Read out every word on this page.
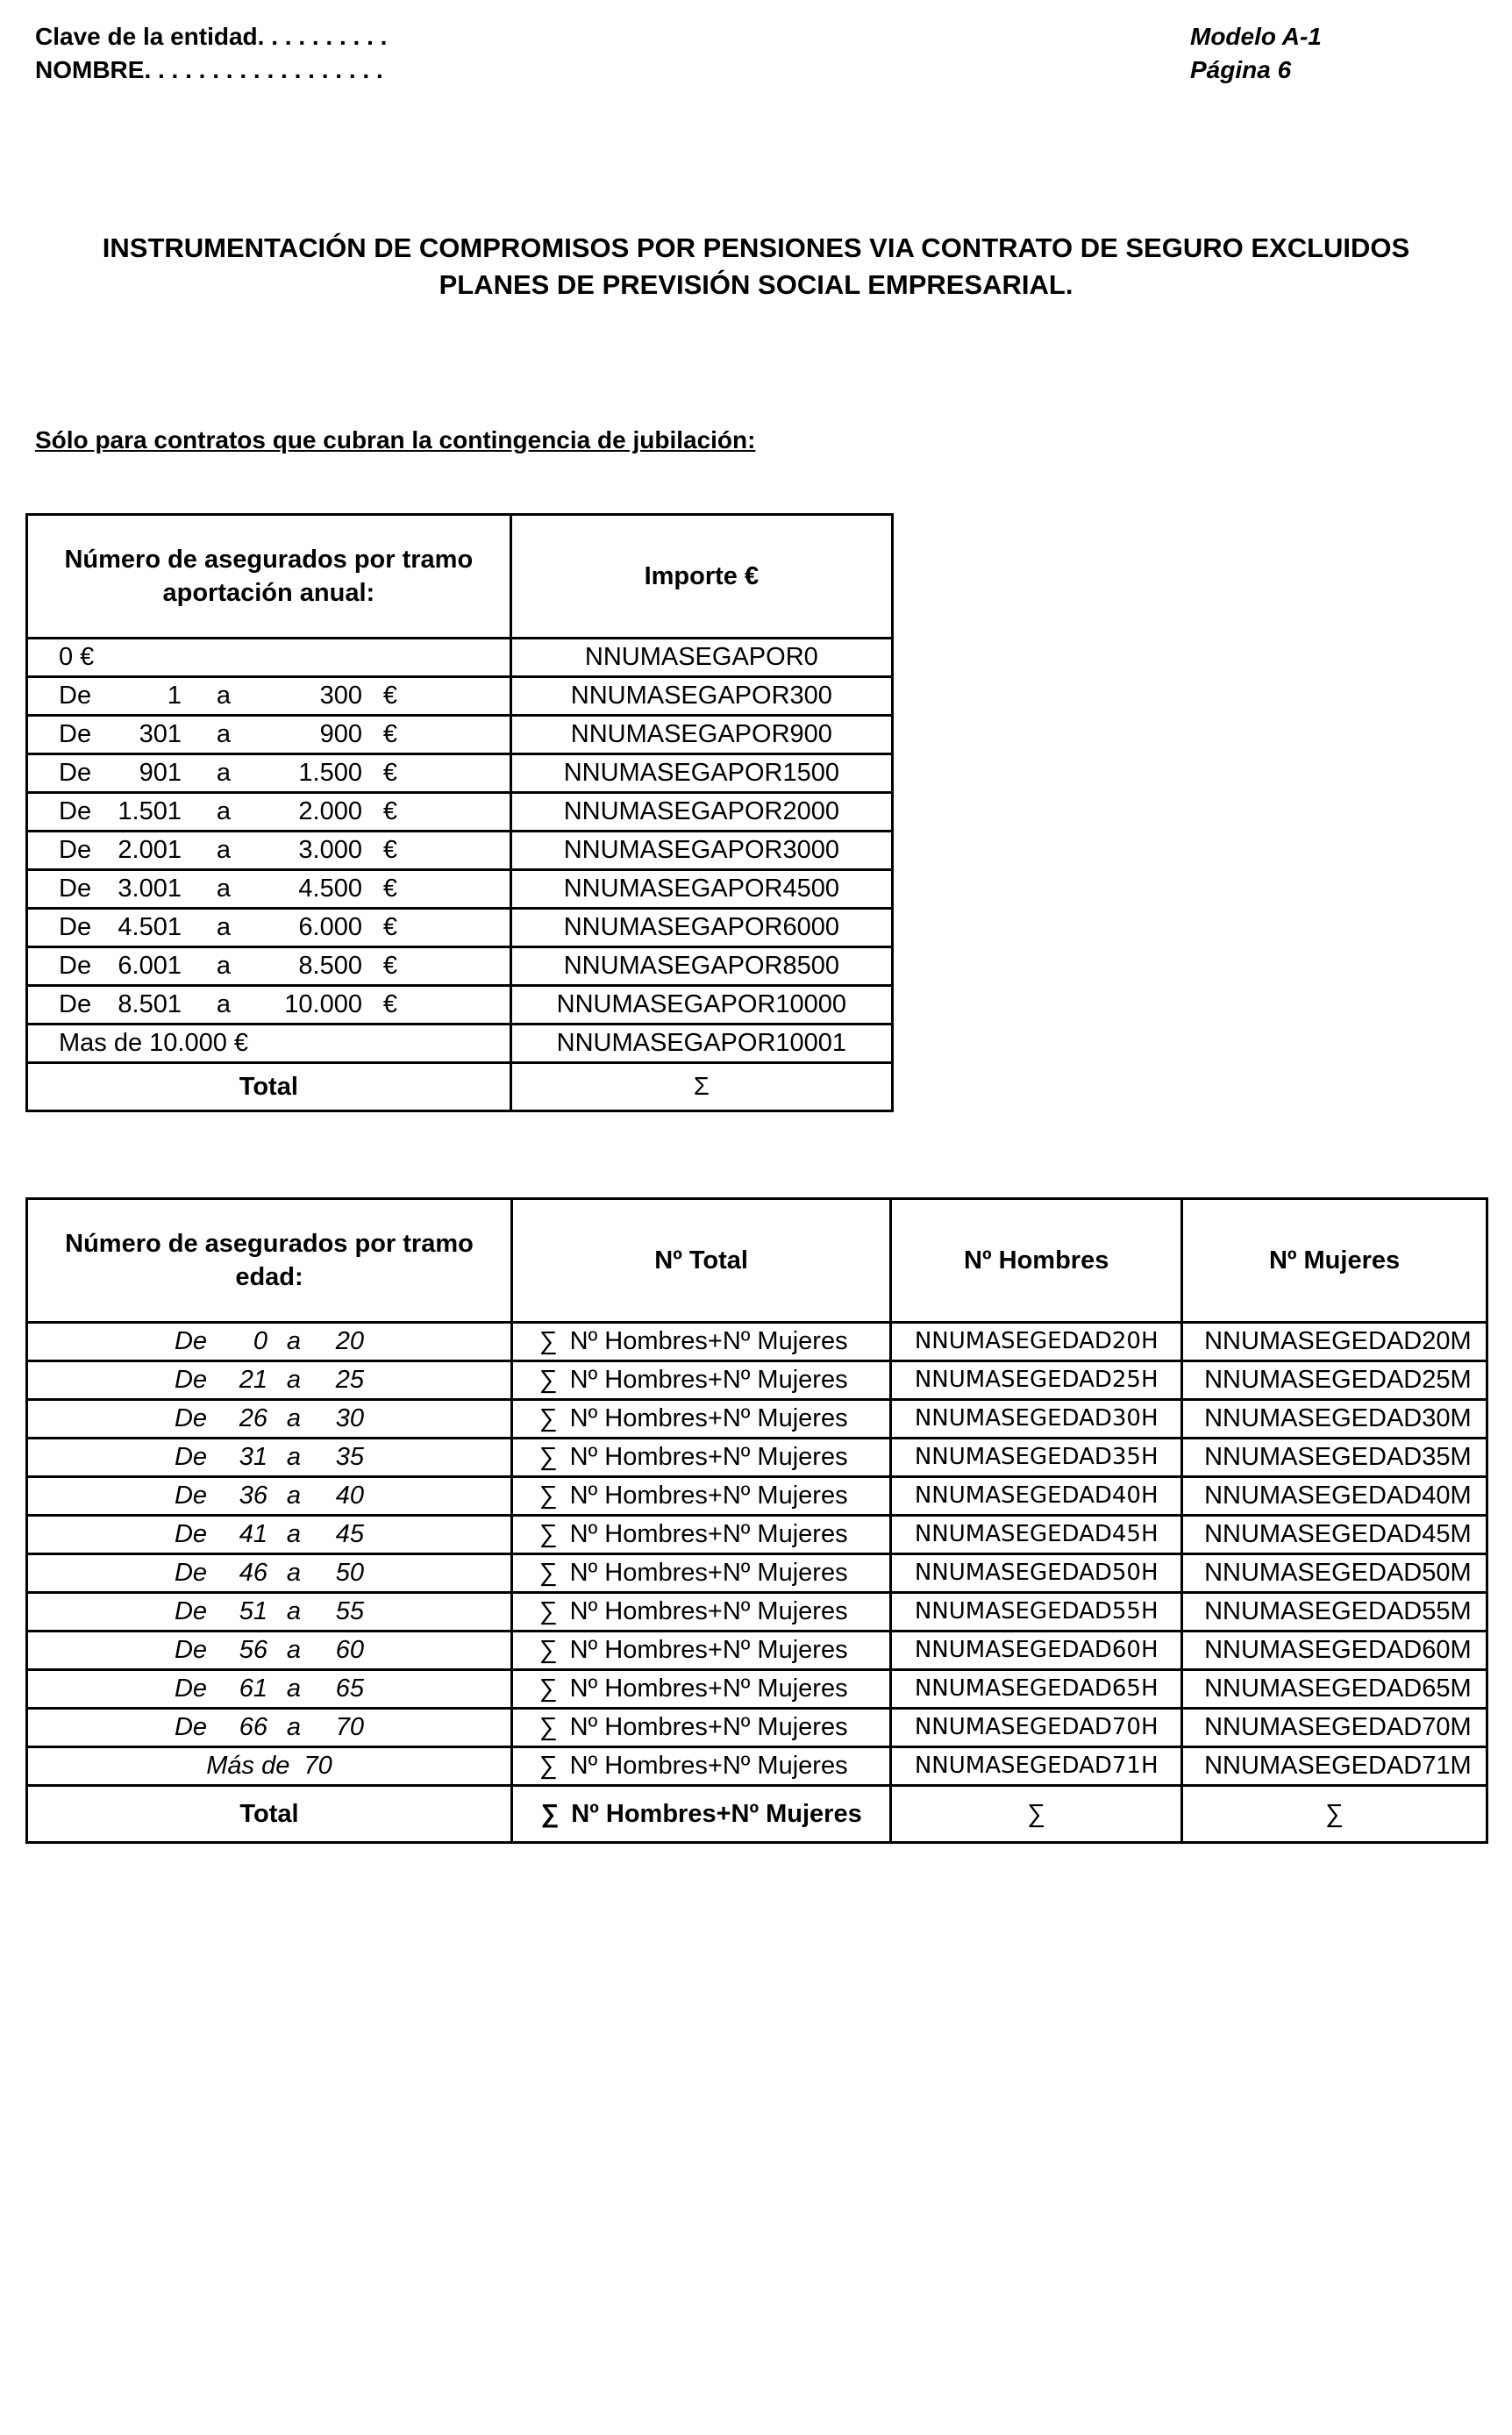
Clave de la entidad. . . . . . . . . .
NOMBRE. . . . . . . . . . . . . . . . . .
Modelo A-1
Página 6
INSTRUMENTACIÓN DE COMPROMISOS POR PENSIONES VIA CONTRATO DE SEGURO EXCLUIDOS
PLANES DE PREVISIÓN SOCIAL EMPRESARIAL.
Sólo para contratos que cubran la contingencia de jubilación:
Número de asegurados por tramo aportación anual:	Importe €
0 €	NNUMASEGAPOR0
De 1 a 300 €	NNUMASEGAPOR300
De 301 a 900 €	NNUMASEGAPOR900
De 901 a 1.500 €	NNUMASEGAPOR1500
De 1.501 a 2.000 €	NNUMASEGAPOR2000
De 2.001 a 3.000 €	NNUMASEGAPOR3000
De 3.001 a 4.500 €	NNUMASEGAPOR4500
De 4.501 a 6.000 €	NNUMASEGAPOR6000
De 6.001 a 8.500 €	NNUMASEGAPOR8500
De 8.501 a 10.000 €	NNUMASEGAPOR10000
Mas de 10.000 €	NNUMASEGAPOR10001
Total	Σ
Número de asegurados por tramo edad:	Nº Total	Nº Hombres	Nº Mujeres
De 0 a 20	∑ Nº Hombres+Nº Mujeres	NNUMASEGEDAD20H	NNUMASEGEDAD20M
De 21 a 25	∑ Nº Hombres+Nº Mujeres	NNUMASEGEDAD25H	NNUMASEGEDAD25M
De 26 a 30	∑ Nº Hombres+Nº Mujeres	NNUMASEGEDAD30H	NNUMASEGEDAD30M
De 31 a 35	∑ Nº Hombres+Nº Mujeres	NNUMASEGEDAD35H	NNUMASEGEDAD35M
De 36 a 40	∑ Nº Hombres+Nº Mujeres	NNUMASEGEDAD40H	NNUMASEGEDAD40M
De 41 a 45	∑ Nº Hombres+Nº Mujeres	NNUMASEGEDAD45H	NNUMASEGEDAD45M
De 46 a 50	∑ Nº Hombres+Nº Mujeres	NNUMASEGEDAD50H	NNUMASEGEDAD50M
De 51 a 55	∑ Nº Hombres+Nº Mujeres	NNUMASEGEDAD55H	NNUMASEGEDAD55M
De 56 a 60	∑ Nº Hombres+Nº Mujeres	NNUMASEGEDAD60H	NNUMASEGEDAD60M
De 61 a 65	∑ Nº Hombres+Nº Mujeres	NNUMASEGEDAD65H	NNUMASEGEDAD65M
De 66 a 70	∑ Nº Hombres+Nº Mujeres	NNUMASEGEDAD70H	NNUMASEGEDAD70M
Más de  70	∑ Nº Hombres+Nº Mujeres	NNUMASEGEDAD71H	NNUMASEGEDAD71M
Total	∑ Nº Hombres+Nº Mujeres	∑	∑
